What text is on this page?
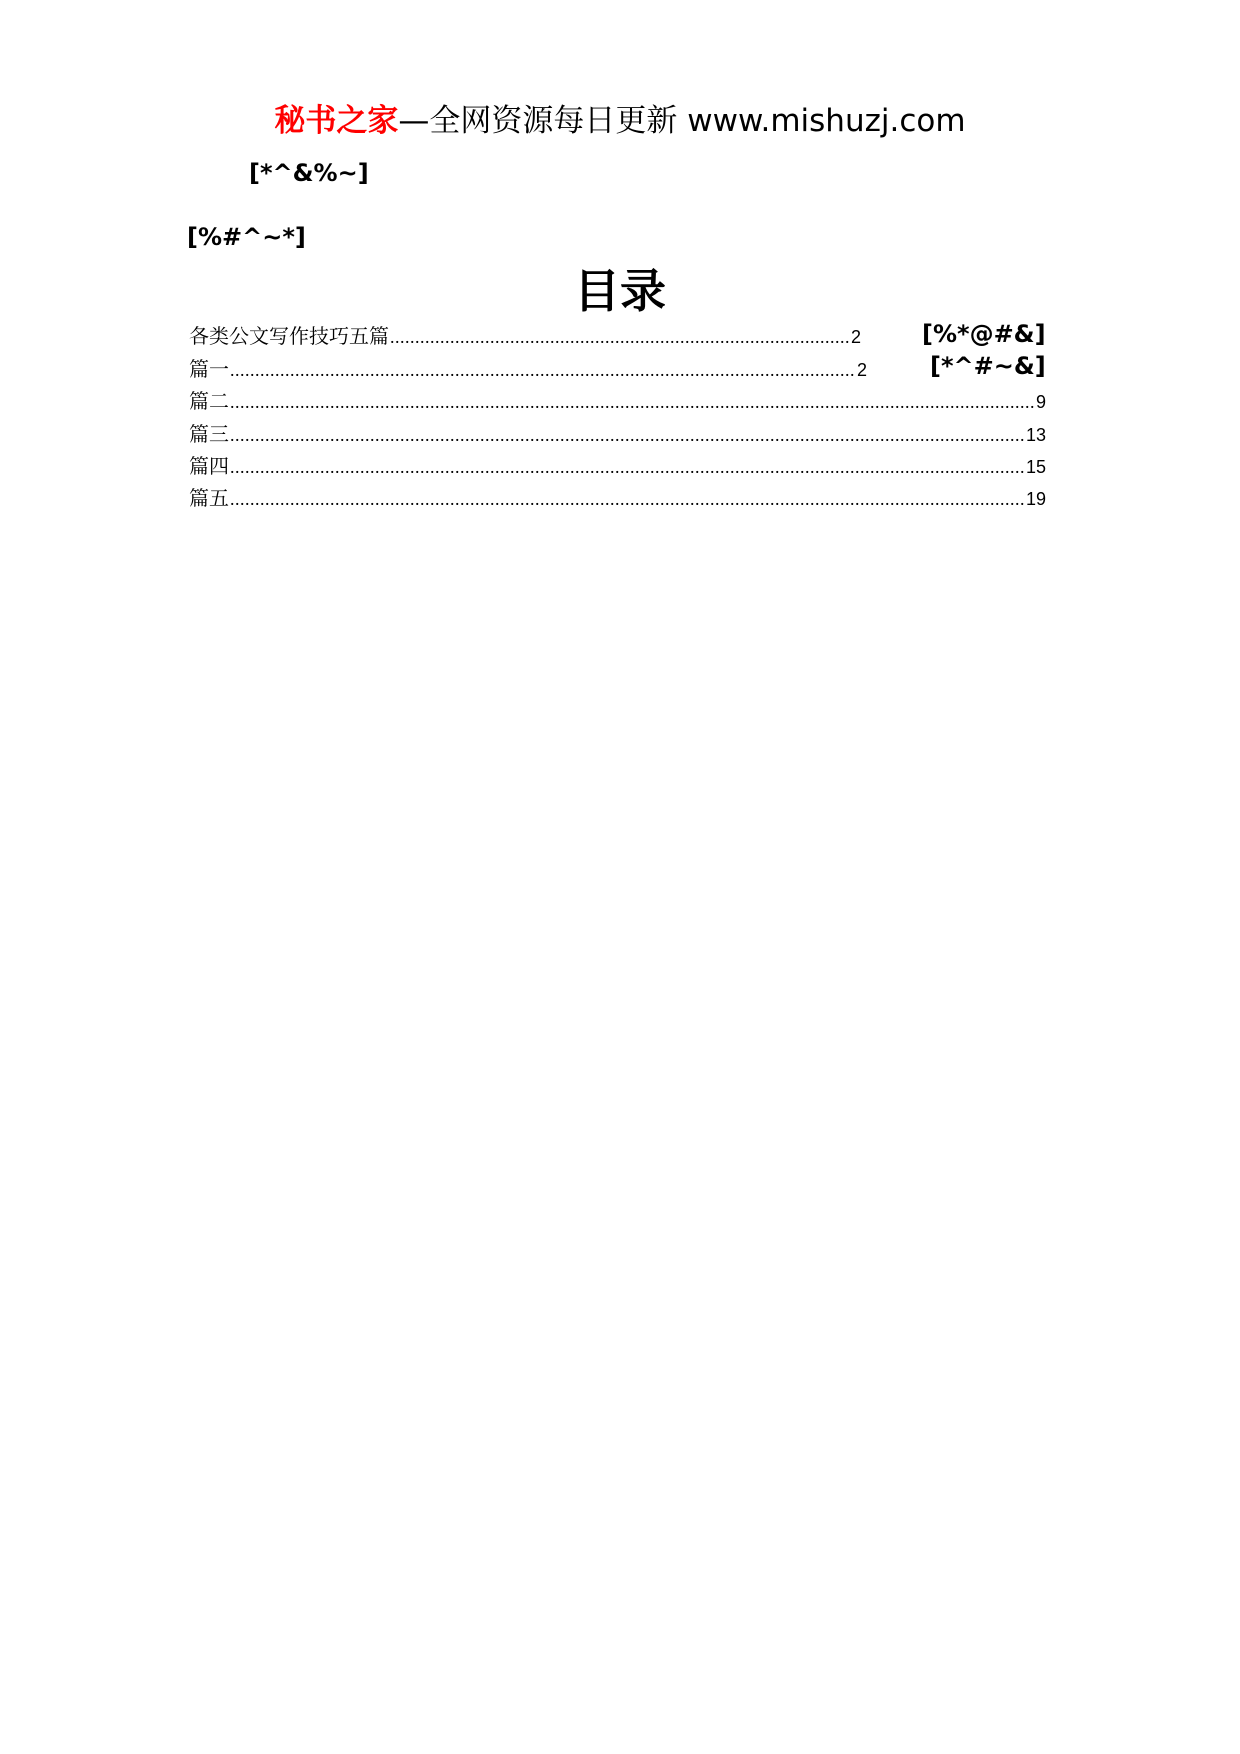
秘书之家—全网资源每日更新 www.mishuzj.com
[*^&%~]
[%#^~*]
目录
各类公文写作技巧五篇 .....	2	[%*@#&]
篇一 .....	2	[*^#~&]
篇二 .....	9
篇三 .....	13
篇四 .....	15
篇五 .....	19
